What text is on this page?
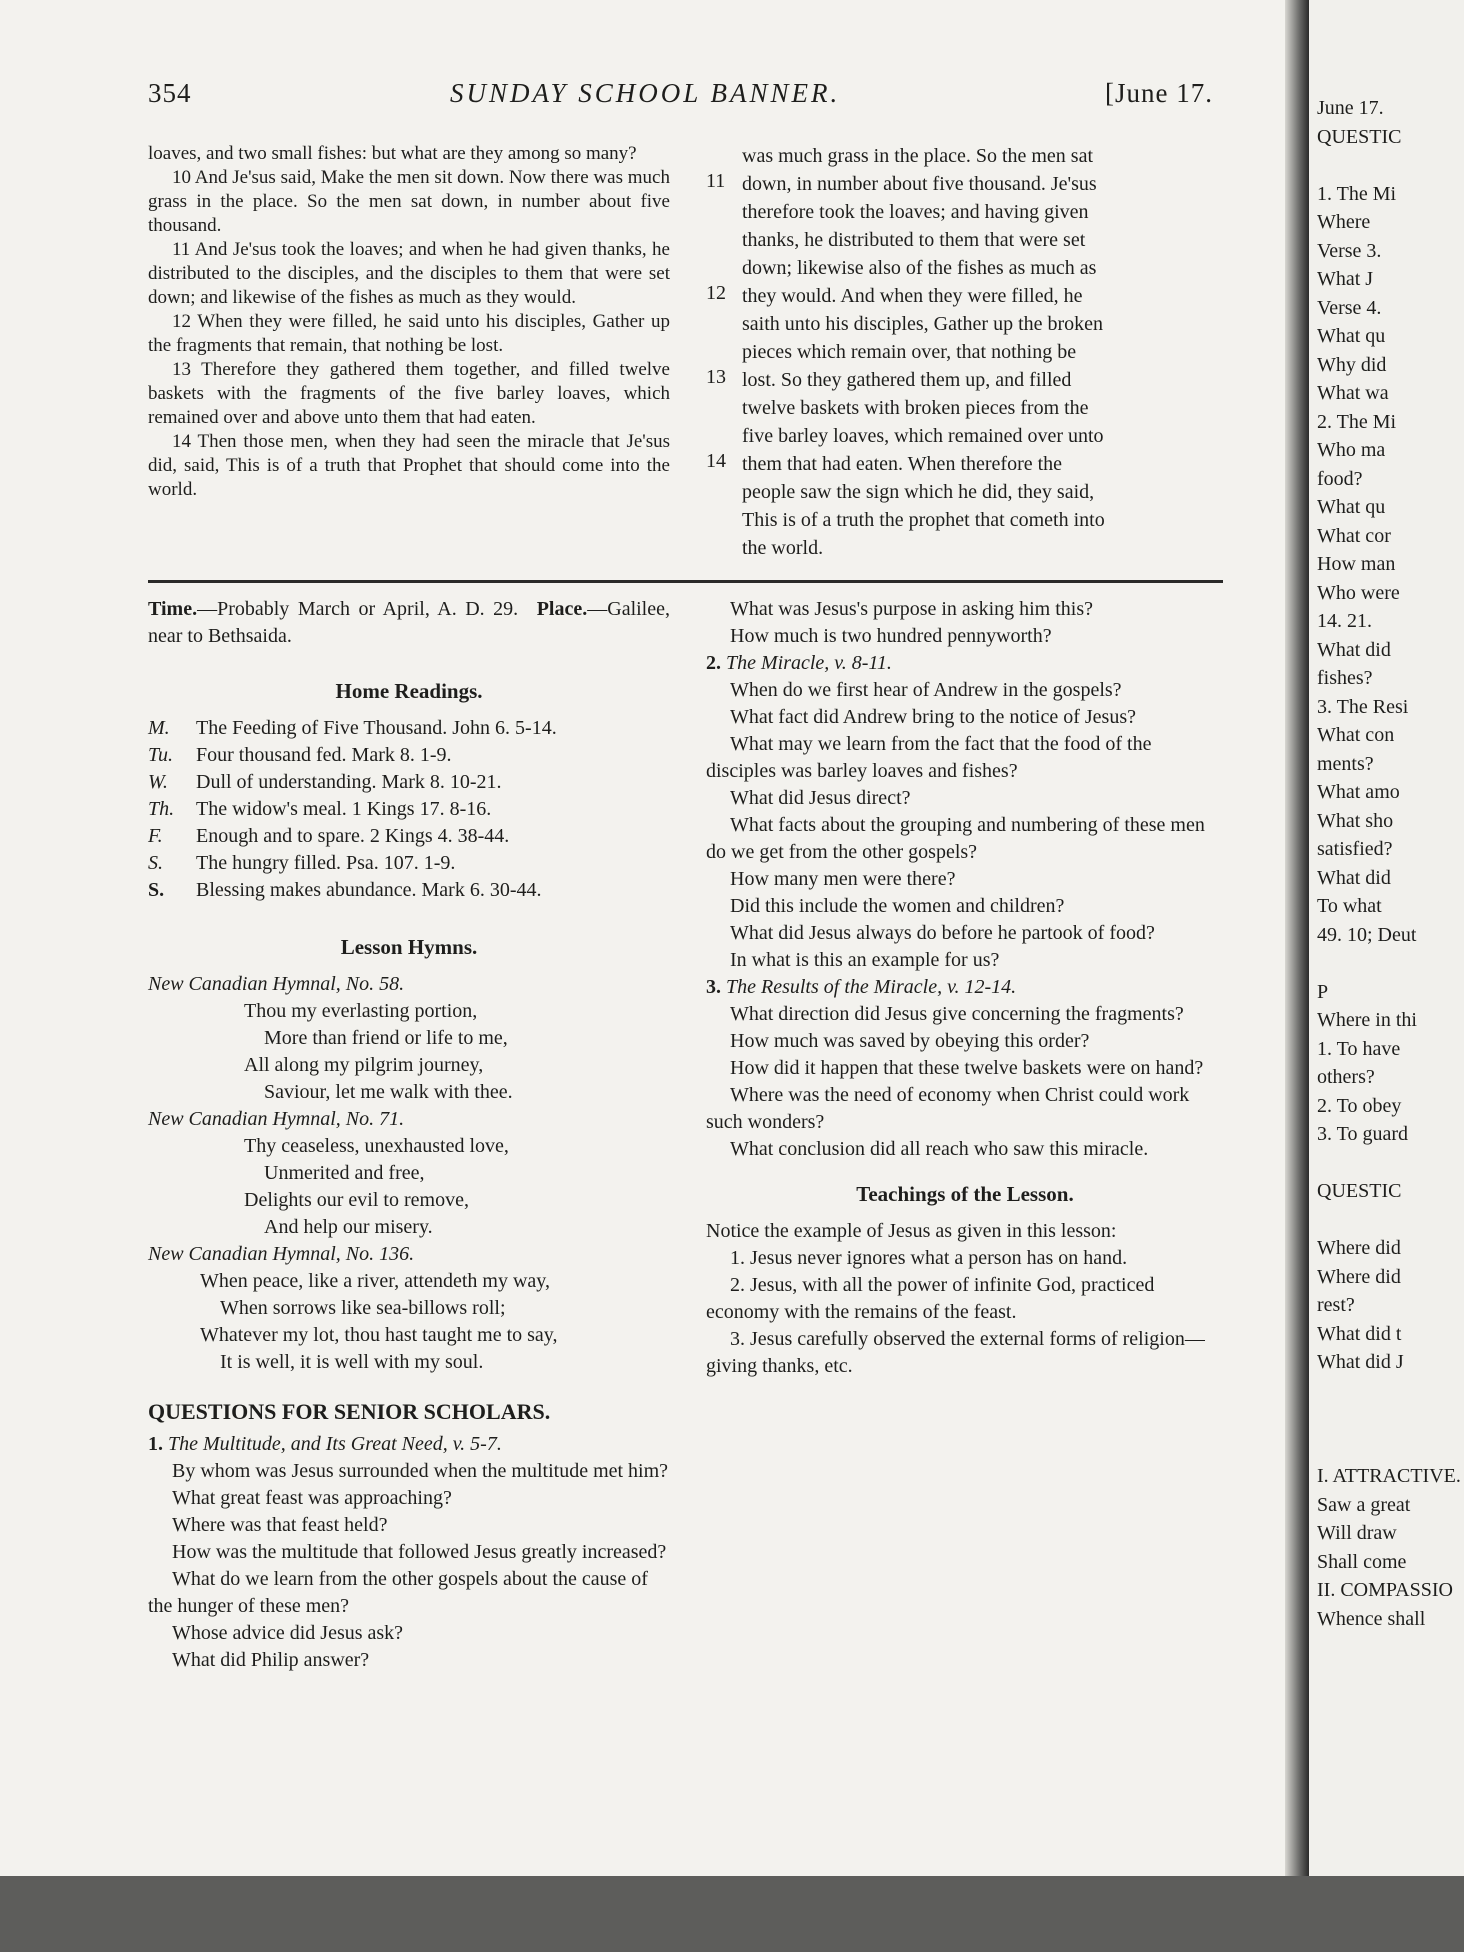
June 17.
QUESTIC
1. The Mi
Where
Verse 3.
What J
Verse 4.
What qu
Why did
What wa
2. The Mi
Who ma
food?
What qu
What cor
How man
Who were
14. 21.
What did
fishes?
3. The Resi
What con
ments?
What amo
What sho
satisfied?
What did
To what
49. 10; Deut
P
Where in thi
1. To have
others?
2. To obey
3. To guard
QUESTIC
Where did
Where did
rest?
What did t
What did J
I. ATTRACTIVE.
Saw a great
Will draw
Shall come
II. COMPASSIO
Whence shall
354	SUNDAY SCHOOL BANNER.	[June 17.

loaves, and two small fishes: but what are they among so many?

10 And Je'sus said, Make the men sit down. Now there was much grass in the place. So the men sat down, in number about five thousand.

11 And Je'sus took the loaves; and when he had given thanks, he distributed to the disciples, and the disciples to them that were set down; and likewise of the fishes as much as they would.

12 When they were filled, he said unto his disciples, Gather up the fragments that remain, that nothing be lost.

13 Therefore they gathered them together, and filled twelve baskets with the fragments of the five barley loaves, which remained over and above unto them that had eaten.

14 Then those men, when they had seen the miracle that Je'sus did, said, This is of a truth that Prophet that should come into the world.

was much grass in the place. So the men sat

down, in number about five thousand. Je'sus

therefore took the loaves; and having given

thanks, he distributed to them that were set

down; likewise also of the fishes as much as

they would. And when they were filled, he

saith unto his disciples, Gather up the broken

pieces which remain over, that nothing be

lost. So they gathered them up, and filled

twelve baskets with broken pieces from the

five barley loaves, which remained over unto

them that had eaten. When therefore the

people saw the sign which he did, they said,

This is of a truth the prophet that cometh into

the world.

11
12
13
14

Time.—Probably March or April, A. D. 29. Place.—Galilee, near to Bethsaida.

Home Readings.

M. The Feeding of Five Thousand. John 6. 5-14.

Tu. Four thousand fed. Mark 8. 1-9.

W. Dull of understanding. Mark 8. 10-21.

Th. The widow's meal. 1 Kings 17. 8-16.

F. Enough and to spare. 2 Kings 4. 38-44.

S. The hungry filled. Psa. 107. 1-9.

S. Blessing makes abundance. Mark 6. 30-44.

Lesson Hymns.

New Canadian Hymnal, No. 58.

Thou my everlasting portion,

More than friend or life to me,

All along my pilgrim journey,

Saviour, let me walk with thee.

New Canadian Hymnal, No. 71.

Thy ceaseless, unexhausted love,

Unmerited and free,

Delights our evil to remove,

And help our misery.

New Canadian Hymnal, No. 136.

When peace, like a river, attendeth my way,

When sorrows like sea-billows roll;

Whatever my lot, thou hast taught me to say,

It is well, it is well with my soul.

QUESTIONS FOR SENIOR SCHOLARS.

1. The Multitude, and Its Great Need, v. 5-7.

By whom was Jesus surrounded when the multitude met him?

What great feast was approaching?

Where was that feast held?

How was the multitude that followed Jesus greatly increased?

What do we learn from the other gospels about the cause of the hunger of these men?

Whose advice did Jesus ask?

What did Philip answer?

What was Jesus's purpose in asking him this?

How much is two hundred pennyworth?

2. The Miracle, v. 8-11.

When do we first hear of Andrew in the gospels?

What fact did Andrew bring to the notice of Jesus?

What may we learn from the fact that the food of the disciples was barley loaves and fishes?

What did Jesus direct?

What facts about the grouping and numbering of these men do we get from the other gospels?

How many men were there?

Did this include the women and children?

What did Jesus always do before he partook of food?

In what is this an example for us?

3. The Results of the Miracle, v. 12-14.

What direction did Jesus give concerning the fragments?

How much was saved by obeying this order?

How did it happen that these twelve baskets were on hand?

Where was the need of economy when Christ could work such wonders?

What conclusion did all reach who saw this miracle.

Teachings of the Lesson.

Notice the example of Jesus as given in this lesson:

1. Jesus never ignores what a person has on hand.

2. Jesus, with all the power of infinite God, practiced economy with the remains of the feast.

3. Jesus carefully observed the external forms of religion—giving thanks, etc.
